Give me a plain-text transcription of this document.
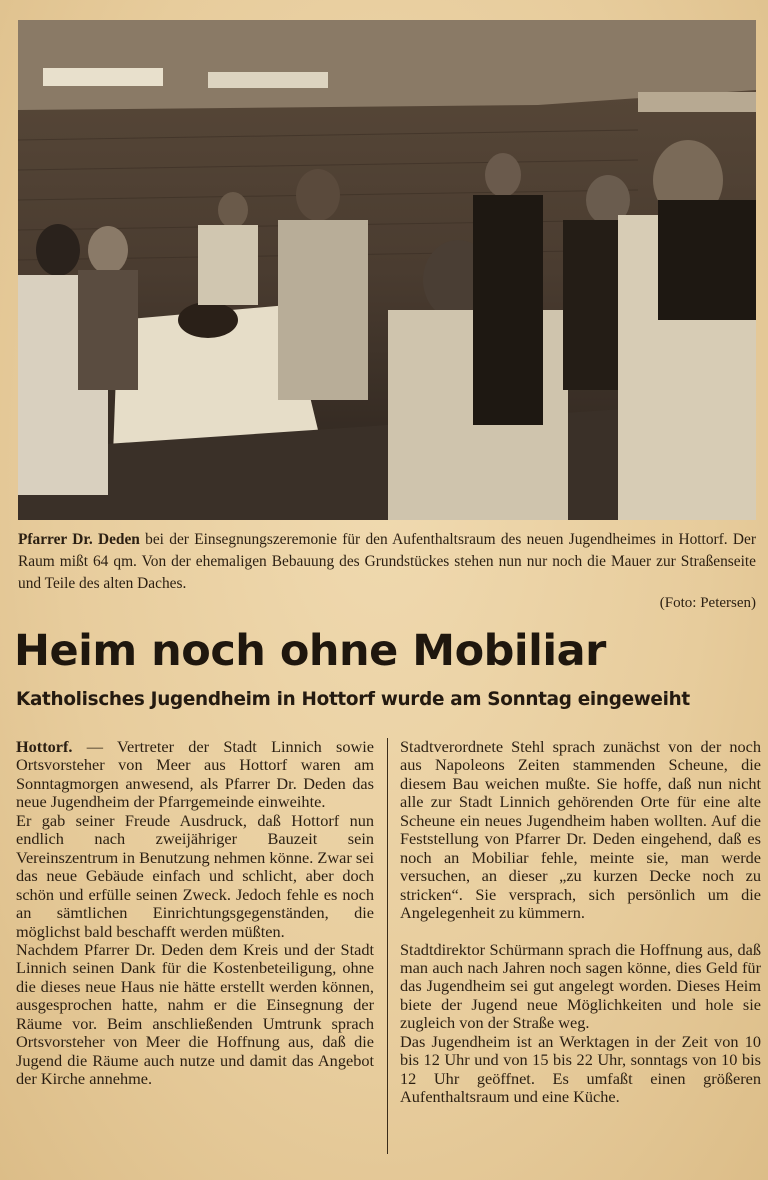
Pfarrer Dr. Deden bei der Einsegnungszeremonie für den Aufenthaltsraum des neuen Jugendheimes in Hottorf. Der Raum mißt 64 qm. Von der ehemaligen Bebauung des Grundstückes stehen nun nur noch die Mauer zur Straßenseite und Teile des alten Daches.
(Foto: Petersen)
Heim noch ohne Mobiliar
Katholisches Jugendheim in Hottorf wurde am Sonntag eingeweiht

Hottorf. — Vertreter der Stadt Linnich sowie Ortsvorsteher von Meer aus Hottorf waren am Sonntagmorgen anwesend, als Pfarrer Dr. Deden das neue Jugendheim der Pfarrgemeinde einweihte.

Er gab seiner Freude Ausdruck, daß Hottorf nun endlich nach zweijähriger Bauzeit sein Vereinszentrum in Benutzung nehmen könne. Zwar sei das neue Gebäude einfach und schlicht, aber doch schön und erfülle seinen Zweck. Jedoch fehle es noch an sämtlichen Einrichtungsgegenständen, die möglichst bald beschafft werden müßten.

Nachdem Pfarrer Dr. Deden dem Kreis und der Stadt Linnich seinen Dank für die Kostenbeteiligung, ohne die dieses neue Haus nie hätte erstellt werden können, ausgesprochen hatte, nahm er die Einsegnung der Räume vor. Beim anschließenden Umtrunk sprach Ortsvorsteher von Meer die Hoffnung aus, daß die Jugend die Räume auch nutze und damit das Angebot der Kirche annehme.

Stadtverordnete Stehl sprach zunächst von der noch aus Napoleons Zeiten stammenden Scheune, die diesem Bau weichen mußte. Sie hoffe, daß nun nicht alle zur Stadt Linnich gehörenden Orte für eine alte Scheune ein neues Jugendheim haben wollten. Auf die Feststellung von Pfarrer Dr. Deden eingehend, daß es noch an Mobiliar fehle, meinte sie, man werde versuchen, an dieser „zu kurzen Decke noch zu stricken“. Sie versprach, sich persönlich um die Angelegenheit zu kümmern.

Stadtdirektor Schürmann sprach die Hoffnung aus, daß man auch nach Jahren noch sagen könne, dies Geld für das Jugendheim sei gut angelegt worden. Dieses Heim biete der Jugend neue Möglichkeiten und hole sie zugleich von der Straße weg.

Das Jugendheim ist an Werktagen in der Zeit von 10 bis 12 Uhr und von 15 bis 22 Uhr, sonntags von 10 bis 12 Uhr geöffnet. Es umfaßt einen größeren Aufenthaltsraum und eine Küche.
